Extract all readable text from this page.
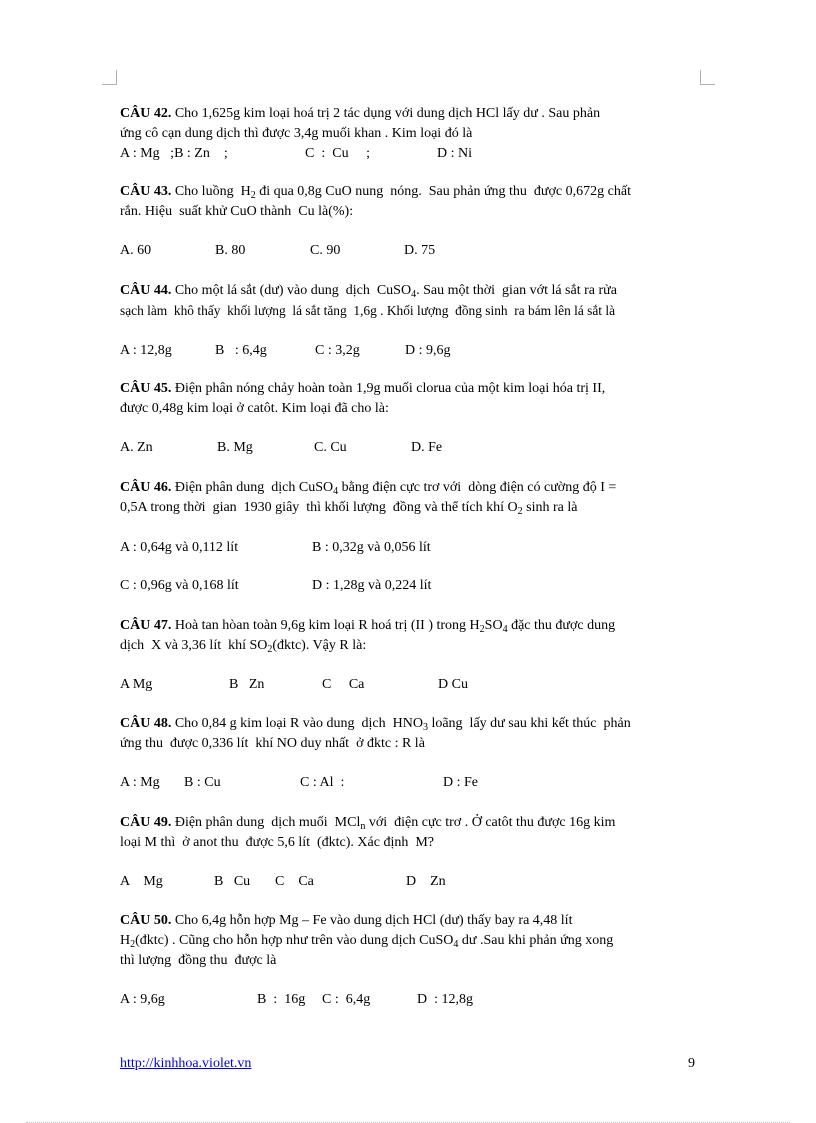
CÂU 42. Cho 1,625g kim loại hoá trị 2 tác dụng với dung dịch HCl lấy dư . Sau phản
ứng cô cạn dung dịch thì được 3,4g muối khan . Kim loại đó là
A : Mg   ;B : Zn    ;	C  :  Cu     ;	D : Ni
CÂU 43. Cho luồng  $H_2$ đi qua 0,8g CuO nung  nóng.  Sau phản ứng thu  được 0,672g chất
rắn. Hiệu  suất khử CuO thành  Cu là(%):
A. 60	B. 80	C. 90	D. 75
CÂU 44. Cho một lá sắt (dư) vào dung  dịch  CuSO$_4$. Sau một thời  gian vớt lá sắt ra rửa
sạch làm  khô thấy  khối lượng  lá sắt tăng  1,6g . Khối lượng  đồng sinh  ra bám lên lá sắt là
A : 12,8g	B   : 6,4g	C : 3,2g	D : 9,6g
CÂU 45. Điện phân nóng chảy hoàn toàn 1,9g muối clorua của một kim loại hóa trị II,
được 0,48g kim loại ở catôt. Kim loại đã cho là:
A. Zn	B. Mg	C. Cu	D. Fe
CÂU 46. Điện phân dung  dịch CuSO$_4$ bằng điện cực trơ với  dòng điện có cường độ I =
0,5A trong thời  gian  1930 giây  thì khối lượng  đồng và thể tích khí $O_2$ sinh ra là
A : 0,64g và 0,112 lít	B : 0,32g và 0,056 lít
C : 0,96g và 0,168 lít	D : 1,28g và 0,224 lít
CÂU 47. Hoà tan hòan toàn 9,6g kim loại R hoá trị (II ) trong $H_2SO_4$ đặc thu được dung
dịch  X và 3,36 lít  khí $SO_2(đktc)$. Vậy R là:
A Mg	B   Zn	C     Ca	D Cu
CÂU 48. Cho 0,84 g kim loại R vào dung  dịch  $HNO_3$ loãng  lấy dư sau khi kết thúc  phản
ứng thu  được 0,336 lít  khí NO duy nhất  ở đktc : R là
A : Mg B : Cu	C : Al  :	D : Fe
CÂU 49. Điện phân dung  dịch muối  MCl$_n$ với  điện cực trơ . Ở catôt thu được 16g kim
loại M thì  ở anot thu  được 5,6 lít  (đktc). Xác định  M?
A    Mg	B   Cu C    Ca	D    Zn
CÂU 50. Cho 6,4g hỗn hợp Mg – Fe vào dung dịch HCl (dư) thấy bay ra 4,48 lít
$H_2(đktc)$ . Cũng cho hỗn hợp như trên vào dung dịch CuSO$_4$ dư .Sau khi phản ứng xong
thì lượng  đồng thu  được là
A : 9,6g	B  :  16g C :  6,4g	D  : 12,8g
http://kinhhoa.violet.vn	9
